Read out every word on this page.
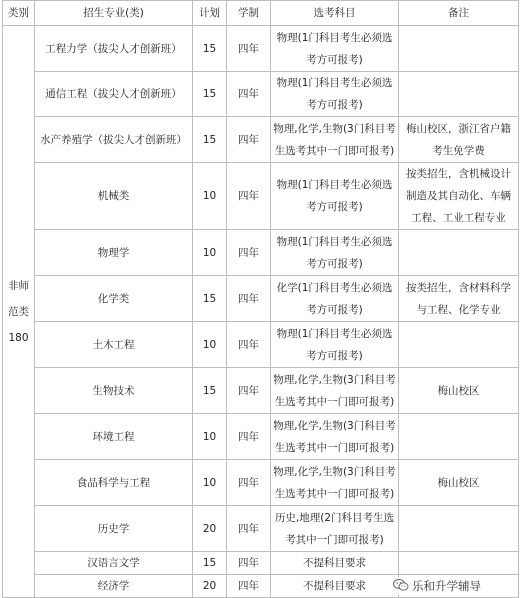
类别	招生专业(类)	计划	学制	选考科目	备注
非师范类180	工程力学（拔尖人才创新班）	15	四年	物理(1门科目考生必须选考方可报考)	
	通信工程（拔尖人才创新班）	15	四年	物理(1门科目考生必须选考方可报考)	
	水产养殖学（拔尖人才创新班）	15	四年	物理,化学,生物(3门科目考生选考其中一门即可报考)	梅山校区，浙江省户籍考生免学费
	机械类	10	四年	物理(1门科目考生必须选考方可报考)	按类招生，含机械设计制造及其自动化、车辆工程、工业工程专业
	物理学	10	四年	物理(1门科目考生必须选考方可报考)	
	化学类	15	四年	化学(1门科目考生必须选考方可报考)	按类招生，含材料科学与工程、化学专业
	土木工程	10	四年	物理(1门科目考生必须选考方可报考)	
	生物技术	15	四年	物理,化学,生物(3门科目考生选考其中一门即可报考)	梅山校区
	环境工程	10	四年	物理,化学,生物(3门科目考生选考其中一门即可报考)	
	食品科学与工程	10	四年	物理,化学,生物(3门科目考生选考其中一门即可报考)	梅山校区
	历史学	20	四年	历史,地理(2门科目考生选考其中一门即可报考)	
	汉语言文学	15	四年	不提科目要求	
	经济学	20	四年	不提科目要求		乐和升学辅导
